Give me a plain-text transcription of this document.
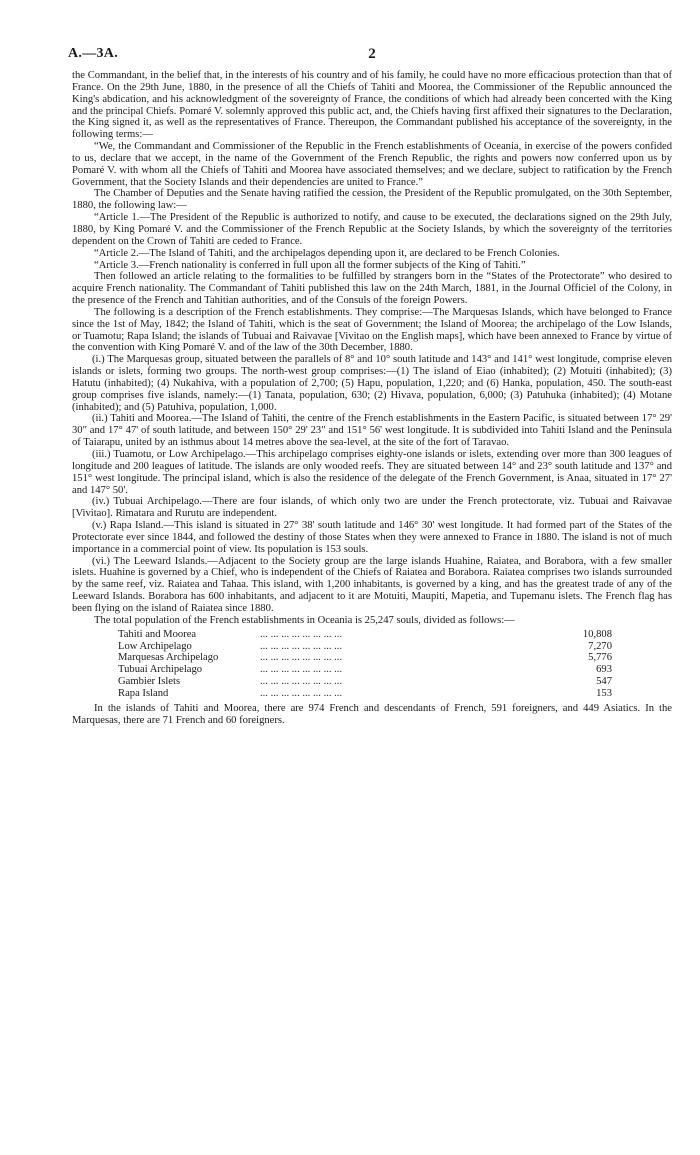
A.—3A.	2

the Commandant, in the belief that, in the interests of his country and of his family, he could have no more efficacious protection than that of France. On the 29th June, 1880, in the presence of all the Chiefs of Tahiti and Moorea, the Commissioner of the Republic announced the King's abdication, and his acknowledgment of the sovereignty of France, the conditions of which had already been concerted with the King and the principal Chiefs. Pomaré V. solemnly approved this public act, and, the Chiefs having first affixed their signatures to the Declaration, the King signed it, as well as the representatives of France. Thereupon, the Commandant published his acceptance of the sovereignty, in the following terms:—

“We, the Commandant and Commissioner of the Republic in the French establishments of Oceania, in exercise of the powers confided to us, declare that we accept, in the name of the Government of the French Republic, the rights and powers now conferred upon us by Pomaré V. with whom all the Chiefs of Tahiti and Moorea have associated themselves; and we declare, subject to ratification by the French Government, that the Society Islands and their dependencies are united to France.”

The Chamber of Deputies and the Senate having ratified the cession, the President of the Republic promulgated, on the 30th September, 1880, the following law:—

“Article 1.—The President of the Republic is authorized to notify, and cause to be executed, the declarations signed on the 29th July, 1880, by King Pomaré V. and the Commissioner of the French Republic at the Society Islands, by which the sovereignty of the territories dependent on the Crown of Tahiti are ceded to France.

“Article 2.—The Island of Tahiti, and the archipelagos depending upon it, are declared to be French Colonies.

“Article 3.—French nationality is conferred in full upon all the former subjects of the King of Tahiti.”

Then followed an article relating to the formalities to be fulfilled by strangers born in the “States of the Protectorate” who desired to acquire French nationality. The Commandant of Tahiti published this law on the 24th March, 1881, in the Journal Officiel of the Colony, in the presence of the French and Tahitian authorities, and of the Consuls of the foreign Powers.

The following is a description of the French establishments. They comprise:—The Marquesas Islands, which have belonged to France since the 1st of May, 1842; the Island of Tahiti, which is the seat of Government; the Island of Moorea; the archipelago of the Low Islands, or Tuamotu; Rapa Island; the islands of Tubuai and Raivavae [Vivitao on the English maps], which have been annexed to France by virtue of the convention with King Pomaré V. and of the law of the 30th December, 1880.

(i.) The Marquesas group, situated between the parallels of 8° and 10° south latitude and 143° and 141° west longitude, comprise eleven islands or islets, forming two groups. The north-west group comprises:—(1) The island of Eiao (inhabited); (2) Motuiti (inhabited); (3) Hatutu (inhabited); (4) Nukahiva, with a population of 2,700; (5) Hapu, population, 1,220; and (6) Hanka, population, 450. The south-east group comprises five islands, namely:—(1) Tanata, population, 630; (2) Hivava, population, 6,000; (3) Patuhuka (inhabited); (4) Motane (inhabited); and (5) Patuhiva, population, 1,000.

(ii.) Tahiti and Moorea.—The Island of Tahiti, the centre of the French establishments in the Eastern Pacific, is situated between 17° 29' 30" and 17° 47' of south latitude, and between 150° 29' 23" and 151° 56' west longitude. It is subdivided into Tahiti Island and the Peninsula of Taiarapu, united by an isthmus about 14 metres above the sea-level, at the site of the fort of Taravao.

(iii.) Tuamotu, or Low Archipelago.—This archipelago comprises eighty-one islands or islets, extending over more than 300 leagues of longitude and 200 leagues of latitude. The islands are only wooded reefs. They are situated between 14° and 23° south latitude and 137° and 151° west longitude. The principal island, which is also the residence of the delegate of the French Government, is Anaa, situated in 17° 27' and 147° 50'.

(iv.) Tubuai Archipelago.—There are four islands, of which only two are under the French protectorate, viz. Tubuai and Raivavae [Vivitao]. Rimatara and Rurutu are independent.

(v.) Rapa Island.—This island is situated in 27° 38' south latitude and 146° 30' west longitude. It had formed part of the States of the Protectorate ever since 1844, and followed the destiny of those States when they were annexed to France in 1880. The island is not of much importance in a commercial point of view. Its population is 153 souls.

(vi.) The Leeward Islands.—Adjacent to the Society group are the large islands Huahine, Raiatea, and Borabora, with a few smaller islets. Huahine is governed by a Chief, who is independent of the Chiefs of Raiatea and Borabora. Raiatea comprises two islands surrounded by the same reef, viz. Raiatea and Tahaa. This island, with 1,200 inhabitants, is governed by a king, and has the greatest trade of any of the Leeward Islands. Borabora has 600 inhabitants, and adjacent to it are Motuiti, Maupiti, Mapetia, and Tupemanu islets. The French flag has been flying on the island of Raiatea since 1880.

The total population of the French establishments in Oceania is 25,247 souls, divided as follows:—

Tahiti and Moorea	... ... ... ... ... ... ... ...	10,808
Low Archipelago	... ... ... ... ... ... ... ...	7,270
Marquesas Archipelago	... ... ... ... ... ... ... ...	5,776
Tubuai Archipelago	... ... ... ... ... ... ... ...	693
Gambier Islets	... ... ... ... ... ... ... ...	547
Rapa Island	... ... ... ... ... ... ... ...	153

In the islands of Tahiti and Moorea, there are 974 French and descendants of French, 591 foreigners, and 449 Asiatics. In the Marquesas, there are 71 French and 60 foreigners.
